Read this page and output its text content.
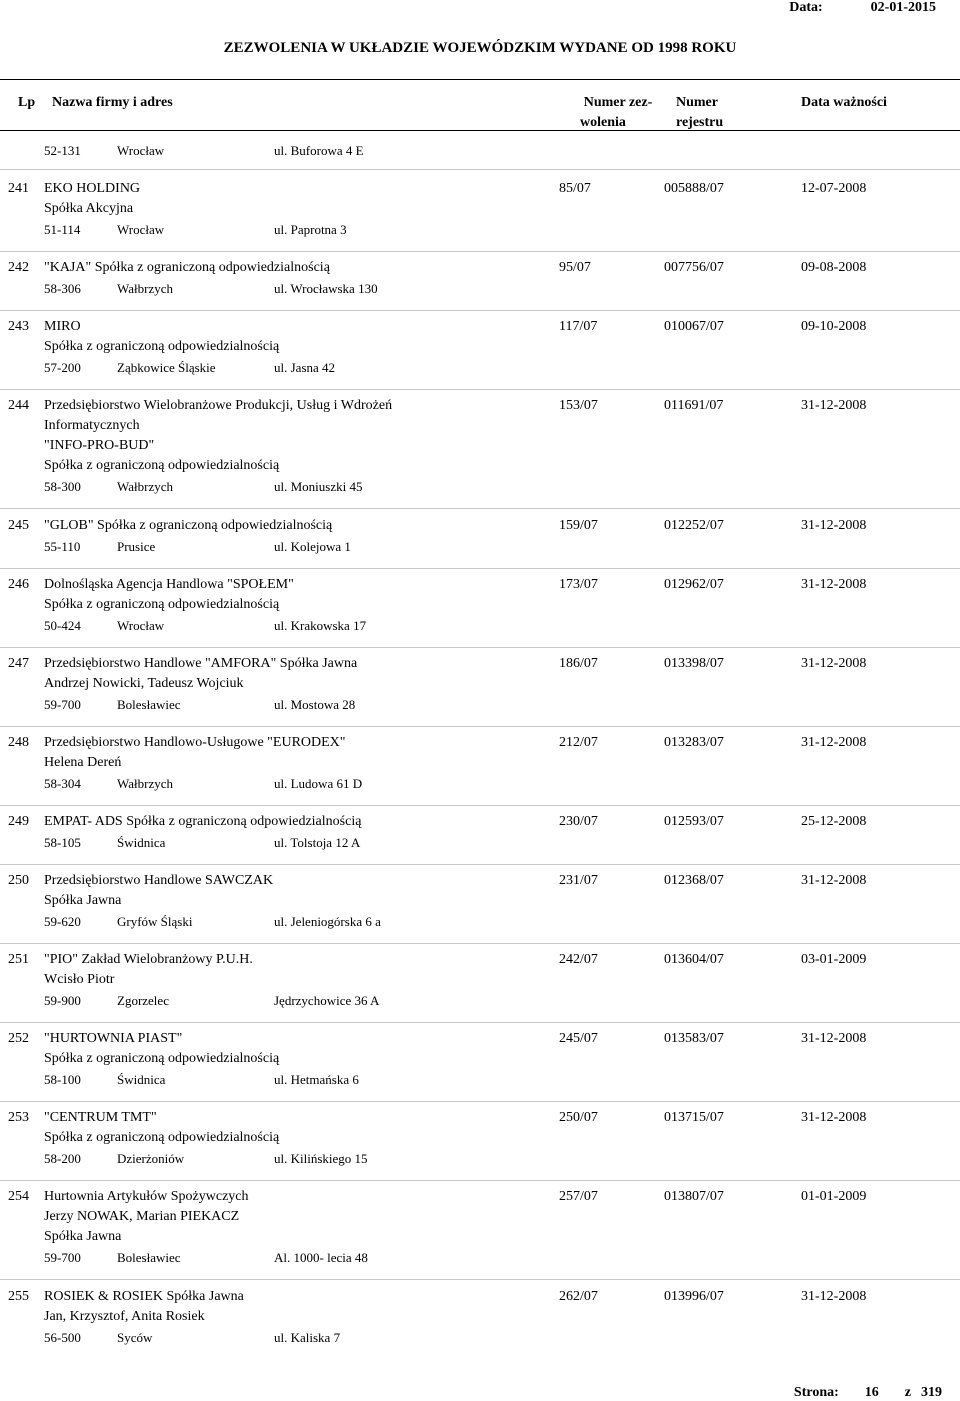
Data:	02-01-2015
ZEZWOLENIA W UKŁADZIE WOJEWÓDZKIM WYDANE OD 1998 ROKU
Lp Nazwa firmy i adres	Numer zez-
wolenia
Numer
rejestru
Data ważności
52-131	Wrocław	ul. Buforowa 4 E
241 EKO HOLDING
Spółka Akcyjna
51-114	Wrocław	ul. Paprotna 3
85/07	005888/07	12-07-2008
242 "KAJA" Spółka z ograniczoną odpowiedzialnością
58-306	Wałbrzych	ul. Wrocławska 130
95/07	007756/07	09-08-2008
243 MIRO
Spółka z ograniczoną odpowiedzialnością
57-200	Ząbkowice Śląskie	ul. Jasna 42
117/07	010067/07	09-10-2008
244 Przedsiębiorstwo Wielobranżowe Produkcji, Usług i Wdrożeń
Informatycznych
"INFO-PRO-BUD"
Spółka z ograniczoną odpowiedzialnością
58-300	Wałbrzych	ul. Moniuszki 45
153/07	011691/07	31-12-2008
245 "GLOB" Spółka z ograniczoną odpowiedzialnością
55-110	Prusice	ul. Kolejowa 1
159/07	012252/07	31-12-2008
246 Dolnośląska Agencja Handlowa "SPOŁEM"
Spółka z ograniczoną odpowiedzialnością
50-424	Wrocław	ul. Krakowska 17
173/07	012962/07	31-12-2008
247 Przedsiębiorstwo Handlowe "AMFORA" Spółka Jawna
Andrzej Nowicki, Tadeusz Wojciuk
59-700	Bolesławiec	ul. Mostowa 28
186/07	013398/07	31-12-2008
248 Przedsiębiorstwo Handlowo-Usługowe "EURODEX"
Helena Dereń
58-304	Wałbrzych	ul. Ludowa 61 D
212/07	013283/07	31-12-2008
249 EMPAT- ADS Spółka z ograniczoną odpowiedzialnością
58-105	Świdnica	ul. Tolstoja 12 A
230/07	012593/07	25-12-2008
250 Przedsiębiorstwo Handlowe SAWCZAK
Spółka Jawna
59-620	Gryfów Śląski	ul. Jeleniogórska 6 a
231/07	012368/07	31-12-2008
251 "PIO" Zakład Wielobranżowy P.U.H.
Wcisło Piotr
59-900	Zgorzelec	Jędrzychowice 36 A
242/07	013604/07	03-01-2009
252 "HURTOWNIA PIAST"
Spółka z ograniczoną odpowiedzialnością
58-100	Świdnica	ul. Hetmańska 6
245/07	013583/07	31-12-2008
253 "CENTRUM TMT"
Spółka z ograniczoną odpowiedzialnością
58-200	Dzierżoniów	ul. Kilińskiego 15
250/07	013715/07	31-12-2008
254 Hurtownia Artykułów Spożywczych
Jerzy NOWAK, Marian PIEKACZ
Spółka Jawna
59-700	Bolesławiec	Al. 1000- lecia 48
257/07	013807/07	01-01-2009
255 ROSIEK & ROSIEK Spółka Jawna
Jan, Krzysztof, Anita Rosiek
56-500	Syców	ul. Kaliska 7
262/07	013996/07	31-12-2008
Strona: 16 z 319
